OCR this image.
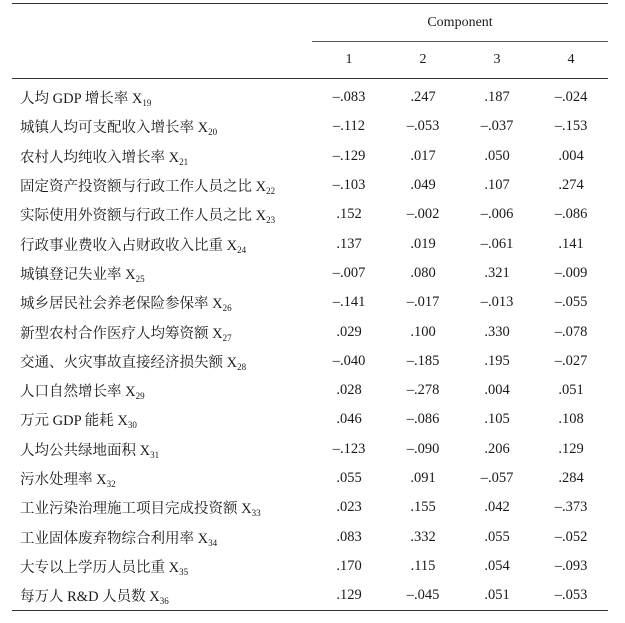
	Component			
	1	2	3	4
人均 GDP 增长率 $X_{19}$	–.083	.247	.187	–.024
城镇人均可支配收入增长率 $X_{20}$	–.112	–.053	–.037	–.153
农村人均纯收入增长率 $X_{21}$	–.129	.017	.050	.004
固定资产投资额与行政工作人员之比 $X_{22}$	–.103	.049	.107	.274
实际使用外资额与行政工作人员之比 $X_{23}$	.152	–.002	–.006	–.086
行政事业费收入占财政收入比重 $X_{24}$	.137	.019	–.061	.141
城镇登记失业率 $X_{25}$	–.007	.080	.321	–.009
城乡居民社会养老保险参保率 $X_{26}$	–.141	–.017	–.013	–.055
新型农村合作医疗人均筹资额 $X_{27}$	.029	.100	.330	–.078
交通、火灾事故直接经济损失额 $X_{28}$	–.040	–.185	.195	–.027
人口自然增长率 $X_{29}$	.028	–.278	.004	.051
万元 GDP 能耗 $X_{30}$	.046	–.086	.105	.108
人均公共绿地面积 $X_{31}$	–.123	–.090	.206	.129
污水处理率 $X_{32}$	.055	.091	–.057	.284
工业污染治理施工项目完成投资额 $X_{33}$	.023	.155	.042	–.373
工业固体废弃物综合利用率 $X_{34}$	.083	.332	.055	–.052
大专以上学历人员比重 $X_{35}$	.170	.115	.054	–.093
每万人 R&D 人员数 $X_{36}$	.129	–.045	.051	–.053
